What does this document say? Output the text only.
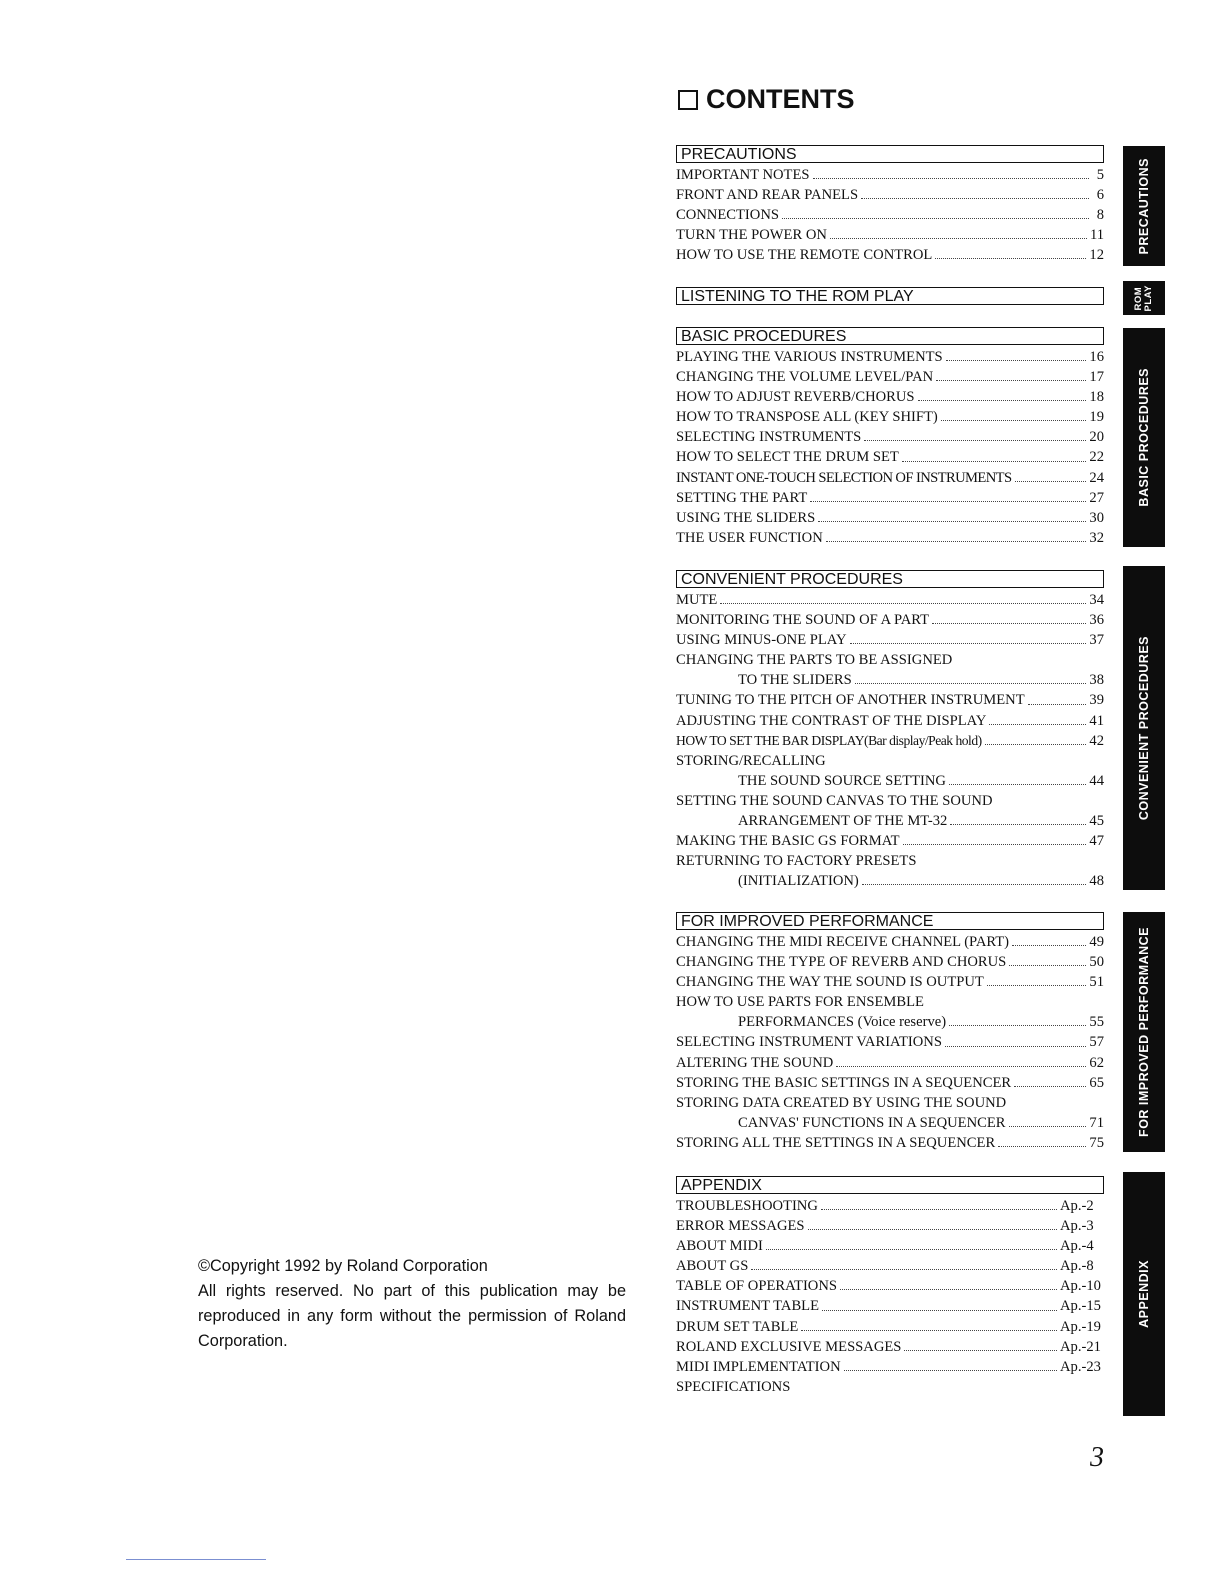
CONTENTS
PRECAUTIONS
IMPORTANT NOTES	5
FRONT AND REAR PANELS	6
CONNECTIONS	8
TURN THE POWER ON	11
HOW TO USE THE REMOTE CONTROL	12
LISTENING TO THE ROM PLAY
BASIC PROCEDURES
PLAYING THE VARIOUS INSTRUMENTS	16
CHANGING THE VOLUME LEVEL/PAN	17
HOW TO ADJUST REVERB/CHORUS	18
HOW TO TRANSPOSE ALL (KEY SHIFT)	19
SELECTING INSTRUMENTS	20
HOW TO SELECT THE DRUM SET	22
INSTANT ONE-TOUCH SELECTION OF INSTRUMENTS	24
SETTING THE PART	27
USING THE SLIDERS	30
THE USER FUNCTION	32
CONVENIENT PROCEDURES
MUTE	34
MONITORING THE SOUND OF A PART	36
USING MINUS-ONE PLAY	37
CHANGING THE PARTS TO BE ASSIGNED
TO THE SLIDERS	38
TUNING TO THE PITCH OF ANOTHER INSTRUMENT	39
ADJUSTING THE CONTRAST OF THE DISPLAY	41
HOW TO SET THE BAR DISPLAY(Bar display/Peak hold)	42
STORING/RECALLING
THE SOUND SOURCE SETTING	44
SETTING THE SOUND CANVAS TO THE SOUND
ARRANGEMENT OF THE MT-32	45
MAKING THE BASIC GS FORMAT	47
RETURNING TO FACTORY PRESETS
(INITIALIZATION)	48
FOR IMPROVED PERFORMANCE
CHANGING THE MIDI RECEIVE CHANNEL (PART)	49
CHANGING THE TYPE OF REVERB AND CHORUS	50
CHANGING THE WAY THE SOUND IS OUTPUT	51
HOW TO USE PARTS FOR ENSEMBLE
PERFORMANCES (Voice reserve)	55
SELECTING INSTRUMENT VARIATIONS	57
ALTERING THE SOUND	62
STORING THE BASIC SETTINGS IN A SEQUENCER	65
STORING DATA CREATED BY USING THE SOUND
CANVAS' FUNCTIONS IN A SEQUENCER	71
STORING ALL THE SETTINGS IN A SEQUENCER	75
APPENDIX
TROUBLESHOOTING	Ap.-2
ERROR MESSAGES	Ap.-3
ABOUT MIDI	Ap.-4
ABOUT GS	Ap.-8
TABLE OF OPERATIONS	Ap.-10
INSTRUMENT TABLE	Ap.-15
DRUM SET TABLE	Ap.-19
ROLAND EXCLUSIVE MESSAGES	Ap.-21
MIDI IMPLEMENTATION	Ap.-23
SPECIFICATIONS
PRECAUTIONS
ROM
PLAY
BASIC PROCEDURES
CONVENIENT PROCEDURES
FOR IMPROVED PERFORMANCE
APPENDIX

©Copyright 1992 by Roland Corporation

All rights reserved. No part of this publication may be reproduced in any form without the permission of Roland Corporation.

3
